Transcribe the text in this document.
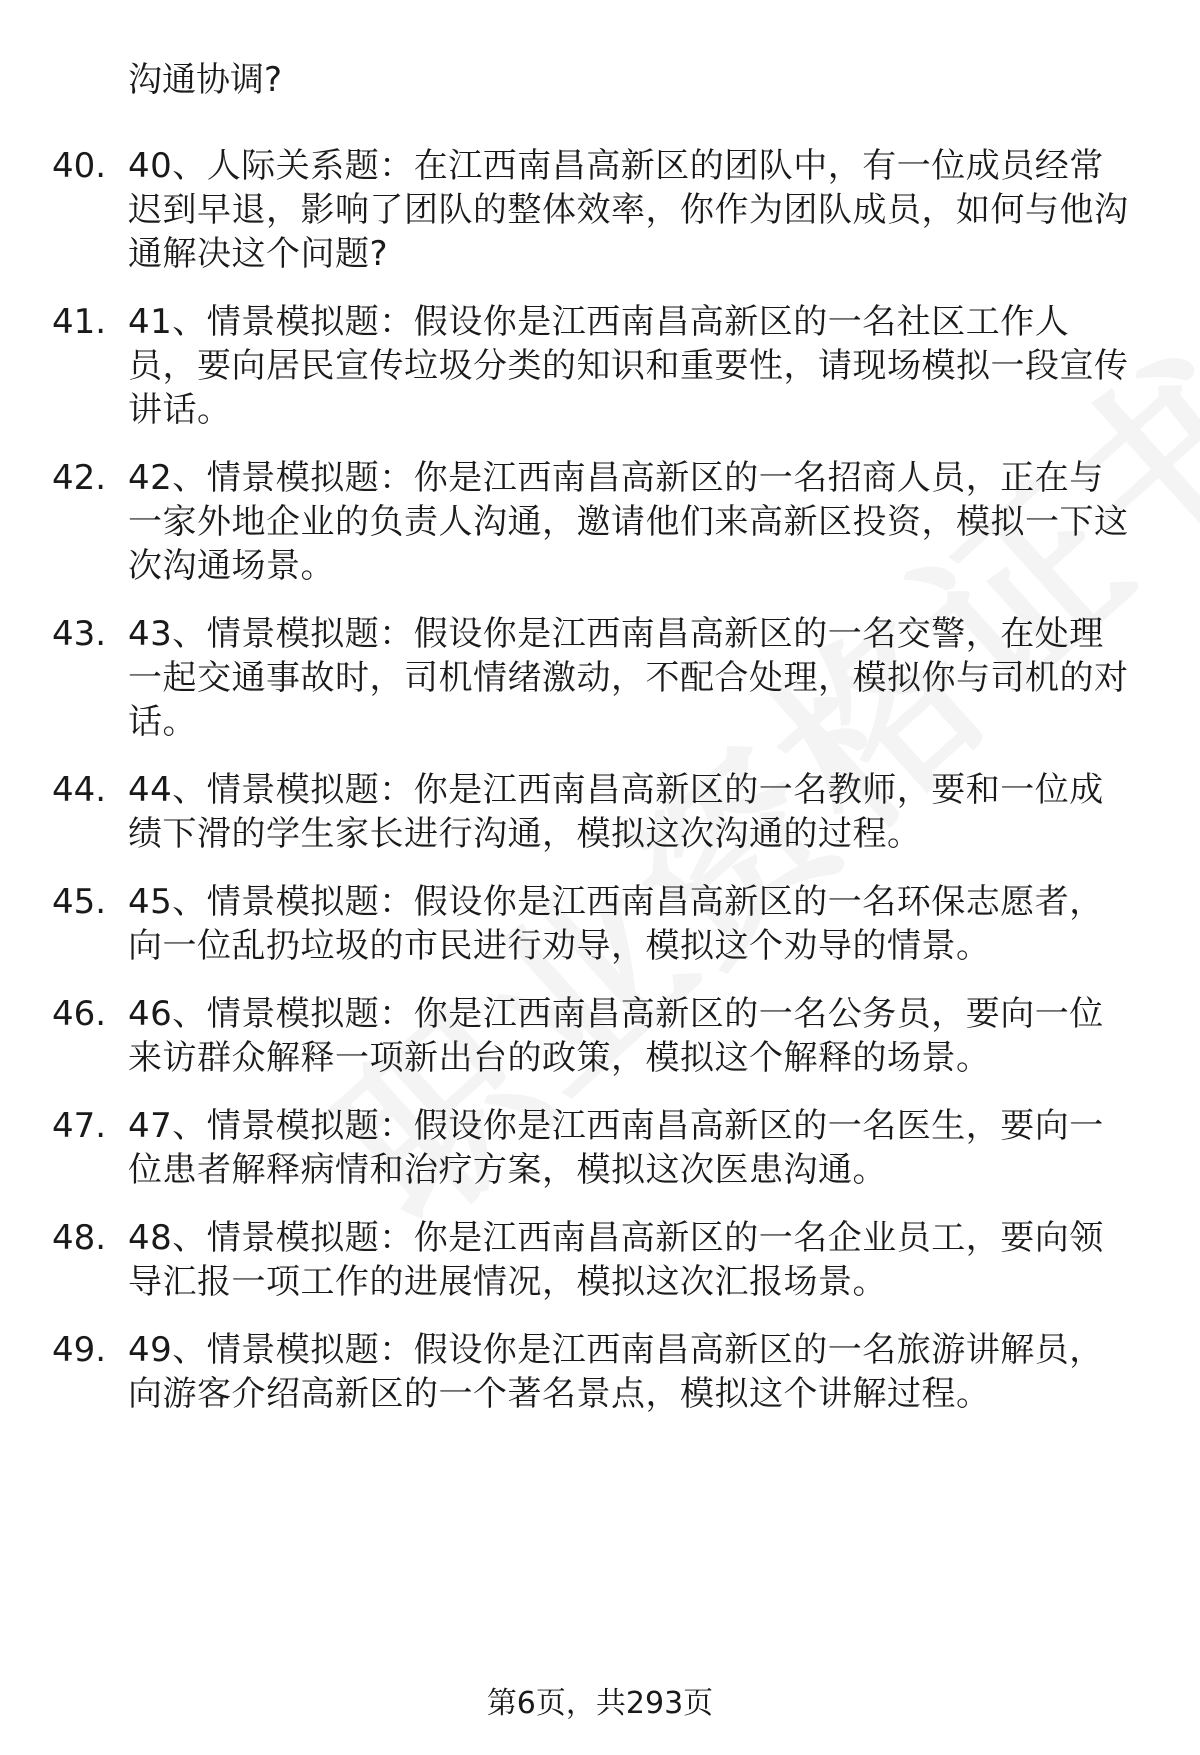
沟通协调?
40. 40、人际关系题：在江西南昌高新区的团队中，有一位成员经常迟到早退，影响了团队的整体效率，你作为团队成员，如何与他沟通解决这个问题?
41. 41、情景模拟题：假设你是江西南昌高新区的一名社区工作人员，要向居民宣传垃圾分类的知识和重要性，请现场模拟一段宣传讲话。
42. 42、情景模拟题：你是江西南昌高新区的一名招商人员，正在与一家外地企业的负责人沟通，邀请他们来高新区投资，模拟一下这次沟通场景。
43. 43、情景模拟题：假设你是江西南昌高新区的一名交警，在处理一起交通事故时，司机情绪激动，不配合处理，模拟你与司机的对话。
44. 44、情景模拟题：你是江西南昌高新区的一名教师，要和一位成绩下滑的学生家长进行沟通，模拟这次沟通的过程。
45. 45、情景模拟题：假设你是江西南昌高新区的一名环保志愿者，向一位乱扔垃圾的市民进行劝导，模拟这个劝导的情景。
46. 46、情景模拟题：你是江西南昌高新区的一名公务员，要向一位来访群众解释一项新出台的政策，模拟这个解释的场景。
47. 47、情景模拟题：假设你是江西南昌高新区的一名医生，要向一位患者解释病情和治疗方案，模拟这次医患沟通。
48. 48、情景模拟题：你是江西南昌高新区的一名企业员工，要向领导汇报一项工作的进展情况，模拟这次汇报场景。
49. 49、情景模拟题：假设你是江西南昌高新区的一名旅游讲解员，向游客介绍高新区的一个著名景点，模拟这个讲解过程。
第6页，共293页
